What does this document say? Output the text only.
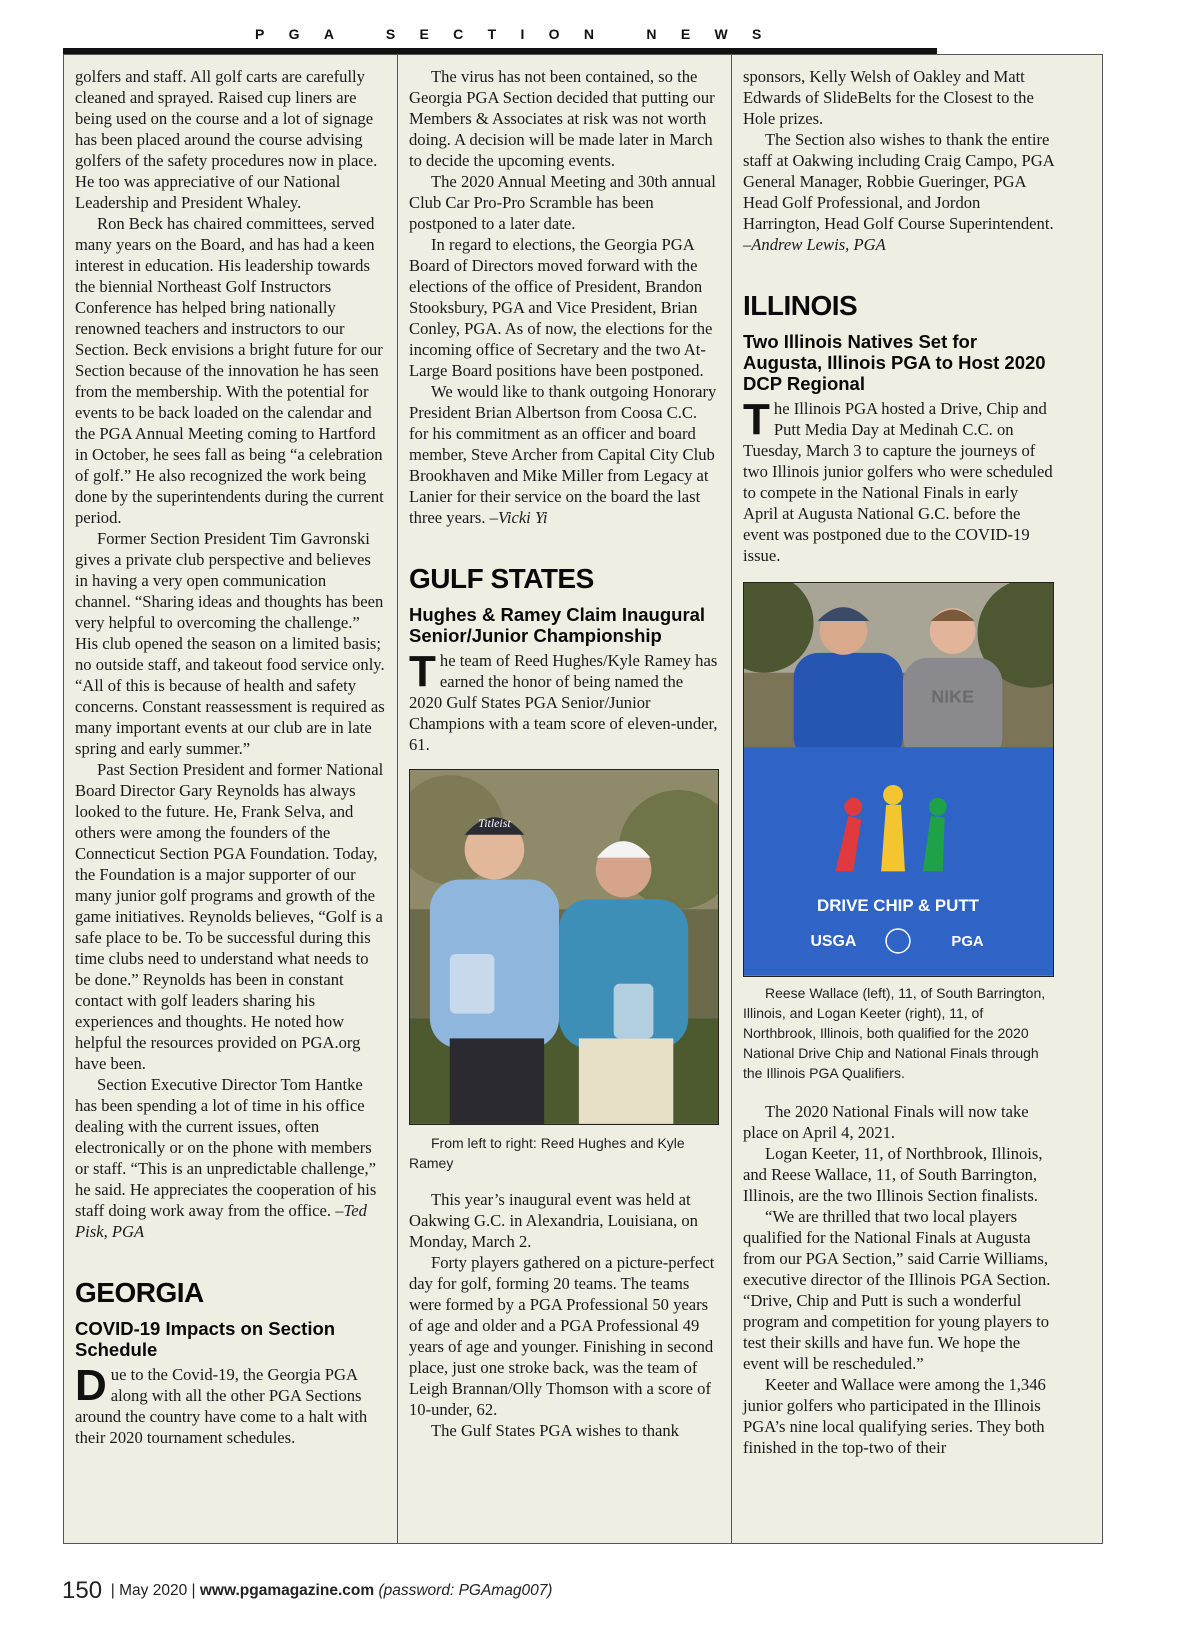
PGA SECTION NEWS

golfers and staff. All golf carts are carefully cleaned and sprayed. Raised cup liners are being used on the course and a lot of signage has been placed around the course advising golfers of the safety procedures now in place. He too was appreciative of our National Leadership and President Whaley.

Ron Beck has chaired committees, served many years on the Board, and has had a keen interest in education. His leadership towards the biennial Northeast Golf Instructors Conference has helped bring nationally renowned teachers and instructors to our Section. Beck envisions a bright future for our Section because of the innovation he has seen from the membership. With the potential for events to be back loaded on the calendar and the PGA Annual Meeting coming to Hartford in October, he sees fall as being “a celebration of golf.” He also recognized the work being done by the superintendents during the current period.

Former Section President Tim Gavronski gives a private club perspective and believes in having a very open communication channel. “Sharing ideas and thoughts has been very helpful to overcoming the challenge.” His club opened the season on a limited basis; no outside staff, and takeout food service only. “All of this is because of health and safety concerns. Constant reassessment is required as many important events at our club are in late spring and early summer.”

Past Section President and former National Board Director Gary Reynolds has always looked to the future. He, Frank Selva, and others were among the founders of the Connecticut Section PGA Foundation. Today, the Foundation is a major supporter of our many junior golf programs and growth of the game initiatives. Reynolds believes, “Golf is a safe place to be. To be successful during this time clubs need to understand what needs to be done.” Reynolds has been in constant contact with golf leaders sharing his experiences and thoughts. He noted how helpful the resources provided on PGA.org have been.

Section Executive Director Tom Hantke has been spending a lot of time in his office dealing with the current issues, often electronically or on the phone with members or staff. “This is an unpredictable challenge,” he said. He appreciates the cooperation of his staff doing work away from the office. –Ted Pisk, PGA

GEORGIA
COVID-19 Impacts on Section Schedule

Due to the Covid-19, the Georgia PGA along with all the other PGA Sections around the country have come to a halt with their 2020 tournament schedules.

The virus has not been contained, so the Georgia PGA Section decided that putting our Members & Associates at risk was not worth doing. A decision will be made later in March to decide the upcoming events.

The 2020 Annual Meeting and 30th annual Club Car Pro-Pro Scramble has been postponed to a later date.

In regard to elections, the Georgia PGA Board of Directors moved forward with the elections of the office of President, Brandon Stooksbury, PGA and Vice President, Brian Conley, PGA. As of now, the elections for the incoming office of Secretary and the two At-Large Board positions have been postponed.

We would like to thank outgoing Honorary President Brian Albertson from Coosa C.C. for his commitment as an officer and board member, Steve Archer from Capital City Club Brookhaven and Mike Miller from Legacy at Lanier for their service on the board the last three years. –Vicki Yi

GULF STATES
Hughes & Ramey Claim Inaugural Senior/Junior Championship

The team of Reed Hughes/Kyle Ramey has earned the honor of being named the 2020 Gulf States PGA Senior/Junior Champions with a team score of eleven-under, 61.

Titleist

From left to right: Reed Hughes and Kyle Ramey

This year’s inaugural event was held at Oakwing G.C. in Alexandria, Louisiana, on Monday, March 2.

Forty players gathered on a picture-perfect day for golf, forming 20 teams. The teams were formed by a PGA Professional 50 years of age and older and a PGA Professional 49 years of age and younger. Finishing in second place, just one stroke back, was the team of Leigh Brannan/Olly Thomson with a score of 10-under, 62.

The Gulf States PGA wishes to thank

sponsors, Kelly Welsh of Oakley and Matt Edwards of SlideBelts for the Closest to the Hole prizes.

The Section also wishes to thank the entire staff at Oakwing including Craig Campo, PGA General Manager, Robbie Gueringer, PGA Head Golf Professional, and Jordon Harrington, Head Golf Course Superintendent. –Andrew Lewis, PGA

ILLINOIS
Two Illinois Natives Set for Augusta, Illinois PGA to Host 2020 DCP Regional

The Illinois PGA hosted a Drive, Chip and Putt Media Day at Medinah C.C. on Tuesday, March 3 to capture the journeys of two Illinois junior golfers who were scheduled to compete in the National Finals in early April at Augusta National G.C. before the event was postponed due to the COVID-19 issue.

NIKE
DRIVE CHIP & PUTT
USGA	PGA

Reese Wallace (left), 11, of South Barrington, Illinois, and Logan Keeter (right), 11, of Northbrook, Illinois, both qualified for the 2020 National Drive Chip and National Finals through the Illinois PGA Qualifiers.

The 2020 National Finals will now take place on April 4, 2021.

Logan Keeter, 11, of Northbrook, Illinois, and Reese Wallace, 11, of South Barrington, Illinois, are the two Illinois Section finalists.

“We are thrilled that two local players qualified for the National Finals at Augusta from our PGA Section,” said Carrie Williams, executive director of the Illinois PGA Section. “Drive, Chip and Putt is such a wonderful program and competition for young players to test their skills and have fun. We hope the event will be rescheduled.”

Keeter and Wallace were among the 1,346 junior golfers who participated in the Illinois PGA’s nine local qualifying series. They both finished in the top-two of their

150  | May 2020 | www.pgamagazine.com (password: PGAmag007)
